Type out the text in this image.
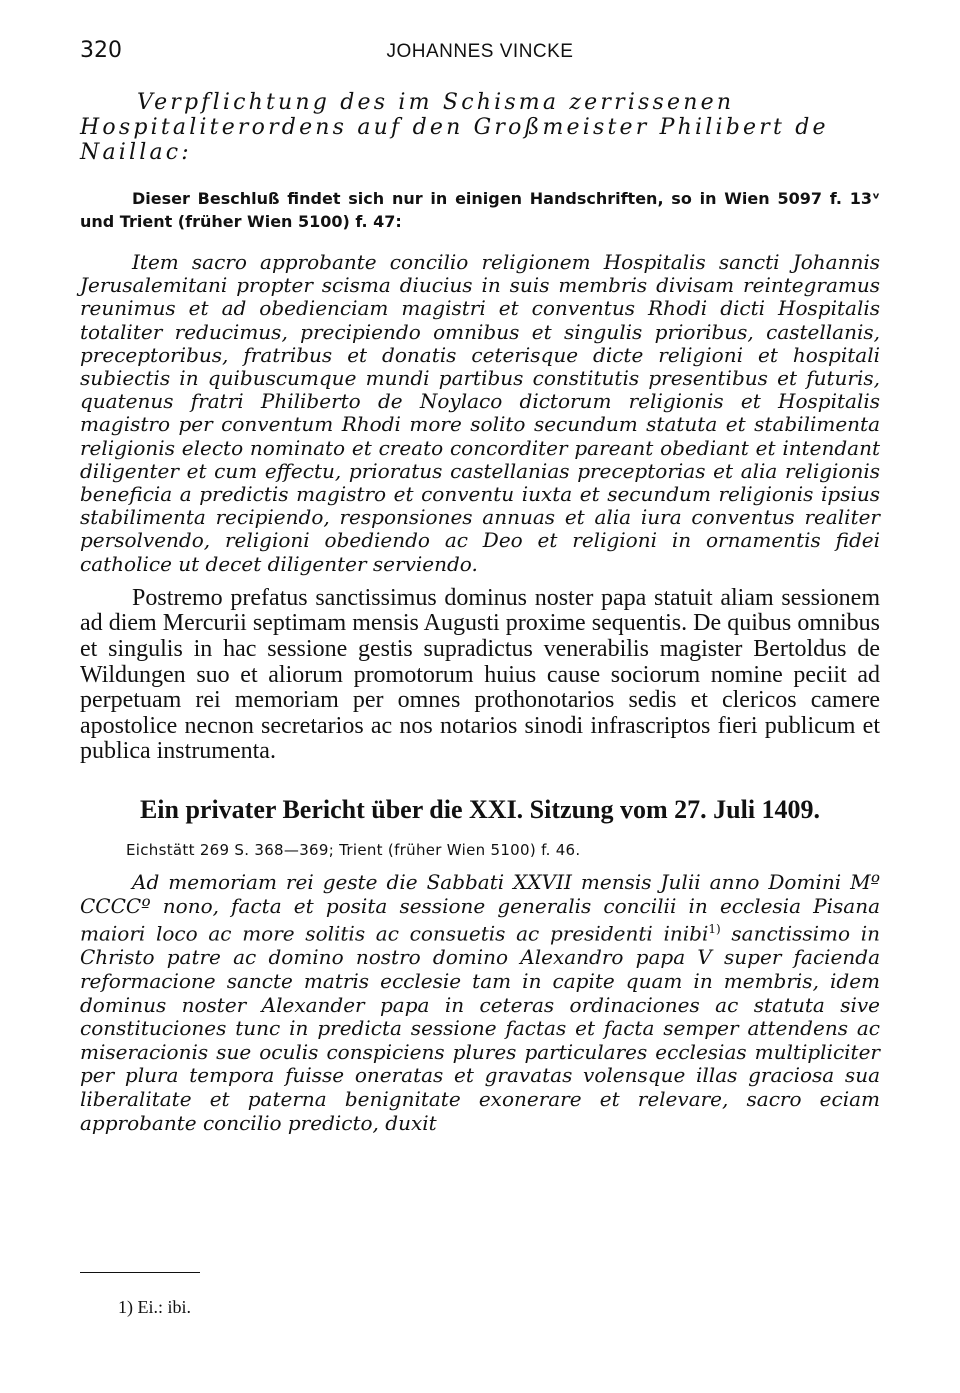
320	JOHANNES VINCKE

Verpflichtung des im Schisma zerrissenen Hospitaliterordens auf den Großmeister Philibert de Naillac:

Dieser Beschluß findet sich nur in einigen Handschriften, so in Wien 5097 f. 13ᵛ und Trient (früher Wien 5100) f. 47:

Item sacro approbante concilio religionem Hospitalis sancti Johannis Jerusalemitani propter scisma diucius in suis membris divisam reintegramus reunimus et ad obedienciam magistri et conventus Rhodi dicti Hospitalis totaliter reducimus, precipiendo omnibus et singulis prioribus, castellanis, preceptoribus, fratribus et donatis ceterisque dicte religioni et hospitali subiectis in quibuscumque mundi partibus constitutis presentibus et futuris, quatenus fratri Philiberto de Noylaco dictorum religionis et Hospitalis magistro per conventum Rhodi more solito secundum statuta et stabilimenta religionis electo nominato et creato concorditer pareant obediant et intendant diligenter et cum effectu, prioratus castellanias preceptorias et alia religionis beneficia a predictis magistro et conventu iuxta et secundum religionis ipsius stabilimenta recipiendo, responsiones annuas et alia iura conventus realiter persolvendo, religioni obediendo ac Deo et religioni in ornamentis fidei catholice ut decet diligenter serviendo.

Postremo prefatus sanctissimus dominus noster papa statuit aliam sessionem ad diem Mercurii septimam mensis Augusti proxime sequentis. De quibus omnibus et singulis in hac sessione gestis supradictus venerabilis magister Bertoldus de Wildungen suo et aliorum promotorum huius cause sociorum nomine peciit ad perpetuam rei memoriam per omnes prothonotarios sedis et clericos camere apostolice necnon secretarios ac nos notarios sinodi infrascriptos fieri publicum et publica instrumenta.

Ein privater Bericht über die XXI. Sitzung vom 27. Juli 1409.

Eichstätt 269 S. 368—369; Trient (früher Wien 5100) f. 46.

Ad memoriam rei geste die Sabbati XXVII mensis Julii anno Domini Mº CCCCº nono, facta et posita sessione generalis concilii in ecclesia Pisana maiori loco ac more solitis ac consuetis ac presidenti inibi$^{1)}$ sanctissimo in Christo patre ac domino nostro domino Alexandro papa V super facienda reformacione sancte matris ecclesie tam in capite quam in membris, idem dominus noster Alexander papa in ceteras ordinaciones ac statuta sive constituciones tunc in predicta sessione factas et facta semper attendens ac miseracionis sue oculis conspiciens plures particulares ecclesias multipliciter per plura tempora fuisse oneratas et gravatas volensque illas graciosa sua liberalitate et paterna benignitate exonerare et relevare, sacro eciam approbante concilio predicto, duxit

1) Ei.: ibi.
